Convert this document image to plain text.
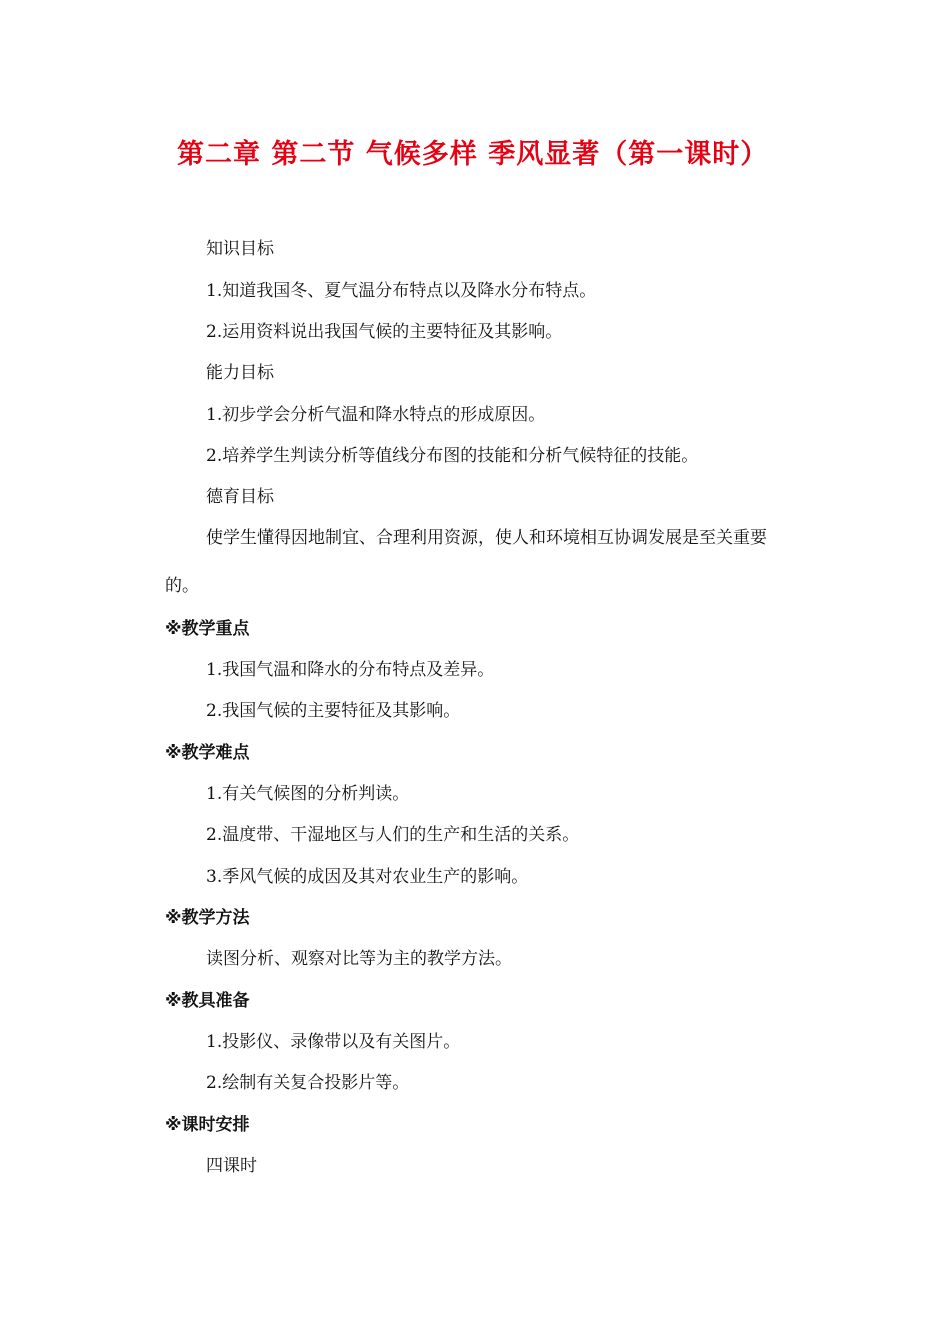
第二章 第二节 气候多样 季风显著（第一课时）
知识目标
1.知道我国冬、夏气温分布特点以及降水分布特点。
2.运用资料说出我国气候的主要特征及其影响。
能力目标
1.初步学会分析气温和降水特点的形成原因。
2.培养学生判读分析等值线分布图的技能和分析气候特征的技能。
德育目标
使学生懂得因地制宜、合理利用资源，使人和环境相互协调发展是至关重要的。
※教学重点
1.我国气温和降水的分布特点及差异。
2.我国气候的主要特征及其影响。
※教学难点
1.有关气候图的分析判读。
2.温度带、干湿地区与人们的生产和生活的关系。
3.季风气候的成因及其对农业生产的影响。
※教学方法
读图分析、观察对比等为主的教学方法。
※教具准备
1.投影仪、录像带以及有关图片。
2.绘制有关复合投影片等。
※课时安排
四课时
